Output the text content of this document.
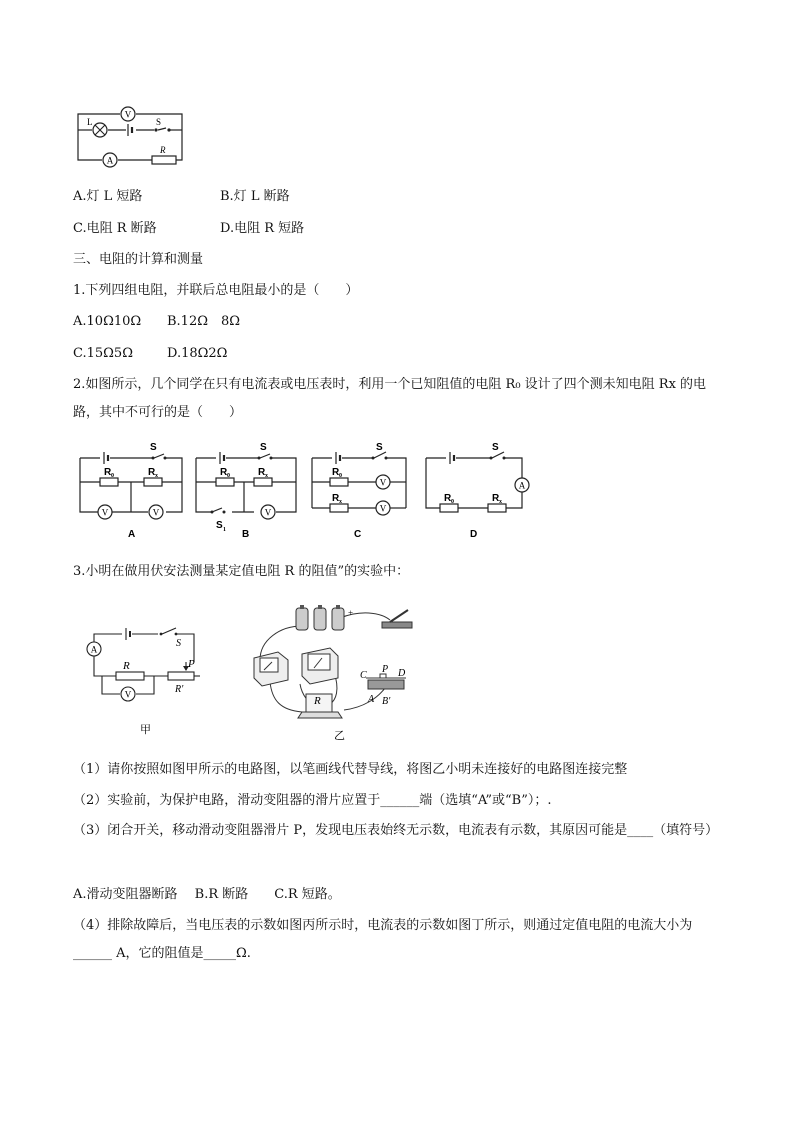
V
L	S
A
R
A.灯 L 短路	B.灯 L 断路
C.电阻 R 断路	D.电阻 R 短路
三、电阻的计算和测量
1.下列四组电阻，并联后总电阻最小的是（　　）
A.10Ω10Ω B.12Ω　8Ω
C.15Ω5Ω	D.18Ω2Ω
2.如图所示，几个同学在只有电流表或电压表时，利用一个已知阻值的电阻 R₀ 设计了四个测未知电阻 Rx 的电路，其中不可行的是（　　）
S
R 0	R x
V	V
A
S
S 1
R 0	R x
V
B
S
R 0
R x
V
V
C
S
A
R 0	R x
D
3.小明在做用伏安法测量某定值电阻 R 的阻值”的实验中：
S
A
R	P
R'
V
甲
+
C
P D
A B'
R
乙
（1）请你按照如图甲所示的电路图，以笔画线代替导线，将图乙小明未连接好的电路图连接完整
（2）实验前，为保护电路，滑动变阻器的滑片应置于______端（选填“A”或“B”）；.
（3）闭合开关，移动滑动变阻器滑片 P，发现电压表始终无示数，电流表有示数，其原因可能是____（填符号）
A.滑动变阻器断路　 B.R 断路　　C.R 短路。
（4）排除故障后，当电压表的示数如图丙所示时，电流表的示数如图丁所示，则通过定值电阻的电流大小为______ A，它的阻值是_____Ω.
